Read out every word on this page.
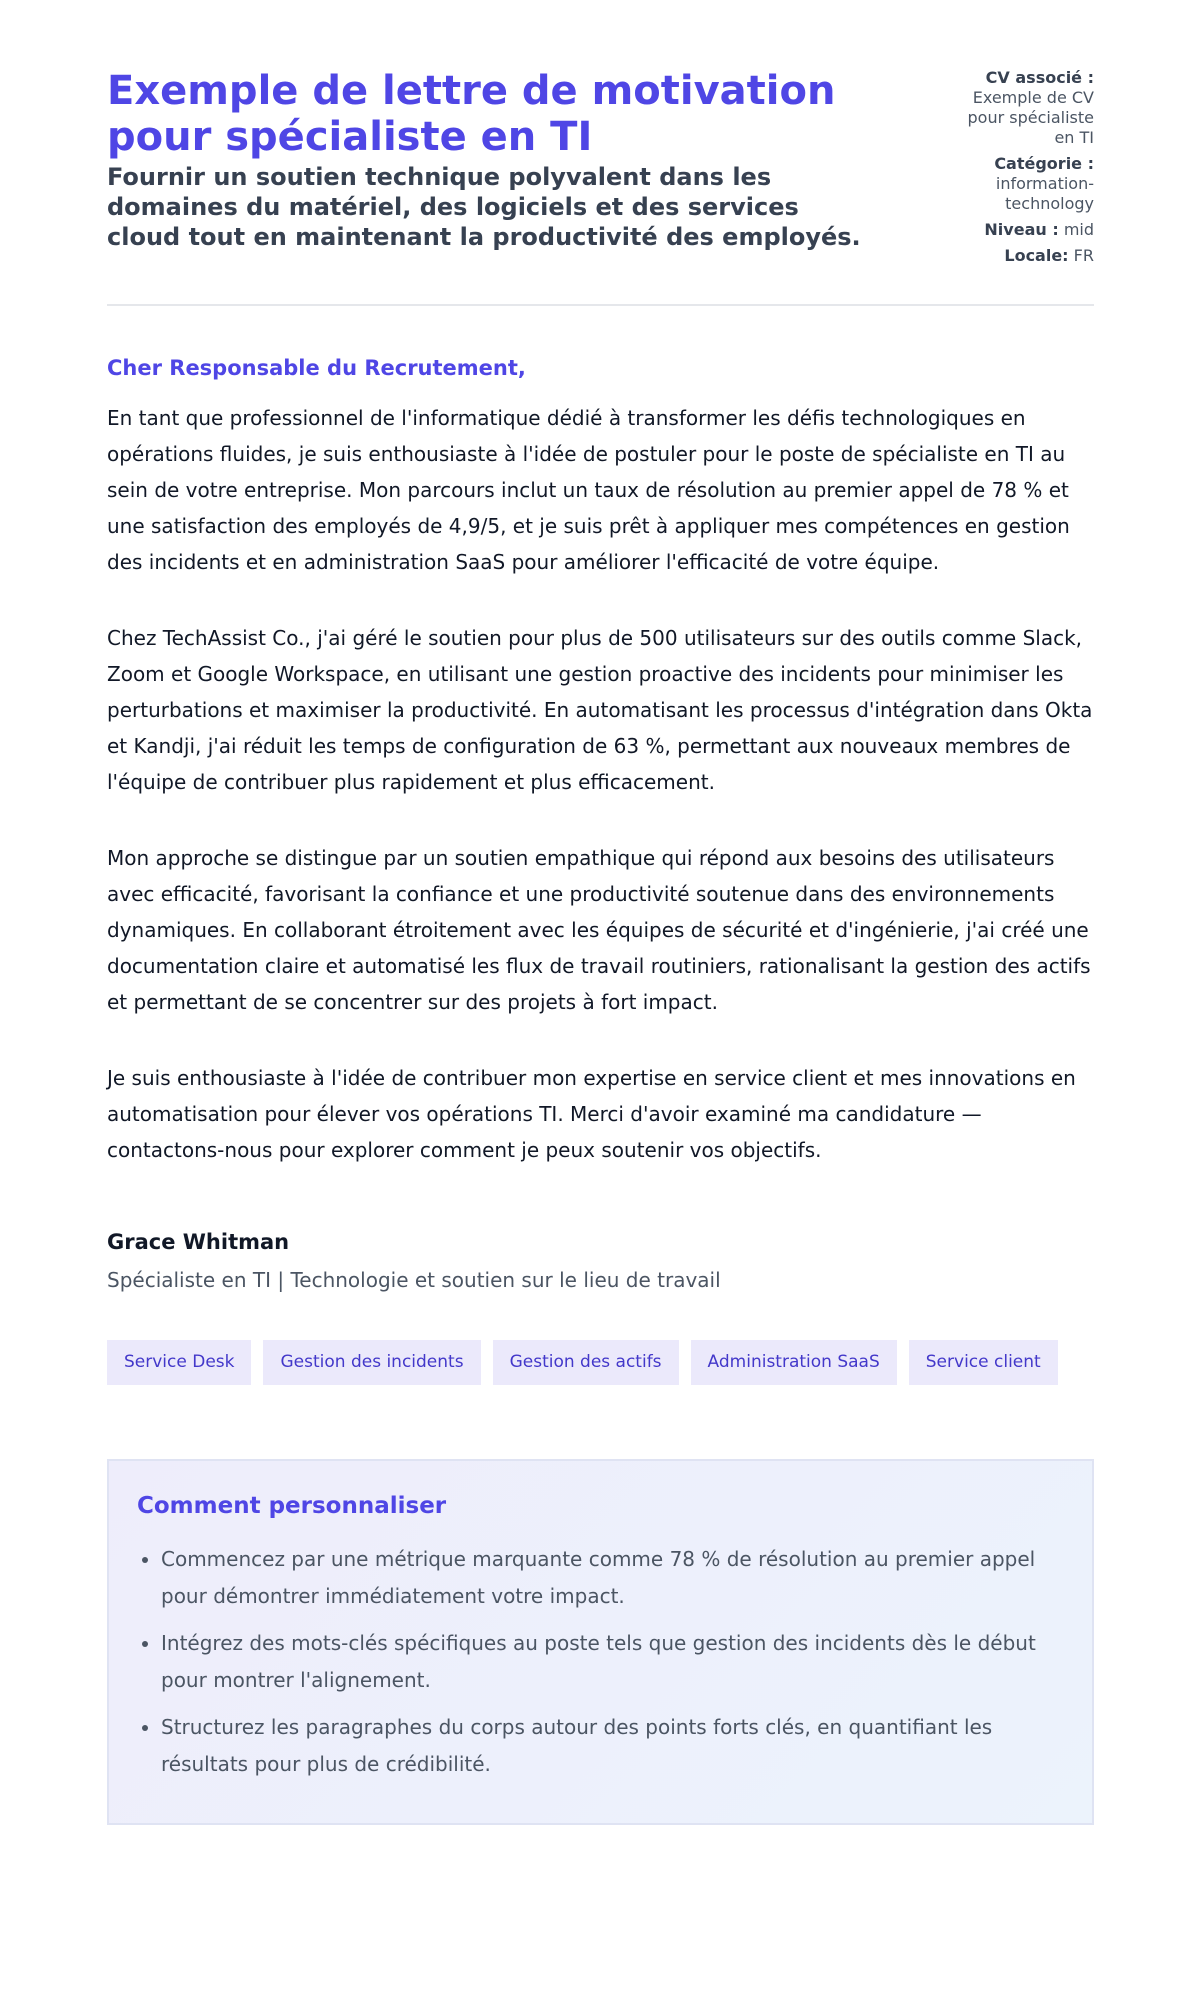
Exemple de lettre de motivation pour spécialiste en TI

Fournir un soutien technique polyvalent dans les domaines du matériel, des logiciels et des services cloud tout en maintenant la productivité des employés.

CV associé :
Exemple de CV pour spécialiste en TI
Catégorie :
information-technology
Niveau : mid
Locale: FR
Cher Responsable du Recrutement,

En tant que professionnel de l'informatique dédié à transformer les défis technologiques en opérations fluides, je suis enthousiaste à l'idée de postuler pour le poste de spécialiste en TI au sein de votre entreprise. Mon parcours inclut un taux de résolution au premier appel de 78 % et une satisfaction des employés de 4,9/5, et je suis prêt à appliquer mes compétences en gestion des incidents et en administration SaaS pour améliorer l'efficacité de votre équipe.

Chez TechAssist Co., j'ai géré le soutien pour plus de 500 utilisateurs sur des outils comme Slack, Zoom et Google Workspace, en utilisant une gestion proactive des incidents pour minimiser les perturbations et maximiser la productivité. En automatisant les processus d'intégration dans Okta et Kandji, j'ai réduit les temps de configuration de 63 %, permettant aux nouveaux membres de l'équipe de contribuer plus rapidement et plus efficacement.

Mon approche se distingue par un soutien empathique qui répond aux besoins des utilisateurs avec efficacité, favorisant la confiance et une productivité soutenue dans des environnements dynamiques. En collaborant étroitement avec les équipes de sécurité et d'ingénierie, j'ai créé une documentation claire et automatisé les flux de travail routiniers, rationalisant la gestion des actifs et permettant de se concentrer sur des projets à fort impact.

Je suis enthousiaste à l'idée de contribuer mon expertise en service client et mes innovations en automatisation pour élever vos opérations TI. Merci d'avoir examiné ma candidature — contactons-nous pour explorer comment je peux soutenir vos objectifs.

Grace Whitman
Spécialiste en TI | Technologie et soutien sur le lieu de travail
Service Desk	Gestion des incidents	Gestion des actifs	Administration SaaS	Service client
Comment personnaliser
• Commencez par une métrique marquante comme 78 % de résolution au premier appel pour démontrer immédiatement votre impact.
• Intégrez des mots-clés spécifiques au poste tels que gestion des incidents dès le début pour montrer l'alignement.
• Structurez les paragraphes du corps autour des points forts clés, en quantifiant les résultats pour plus de crédibilité.
